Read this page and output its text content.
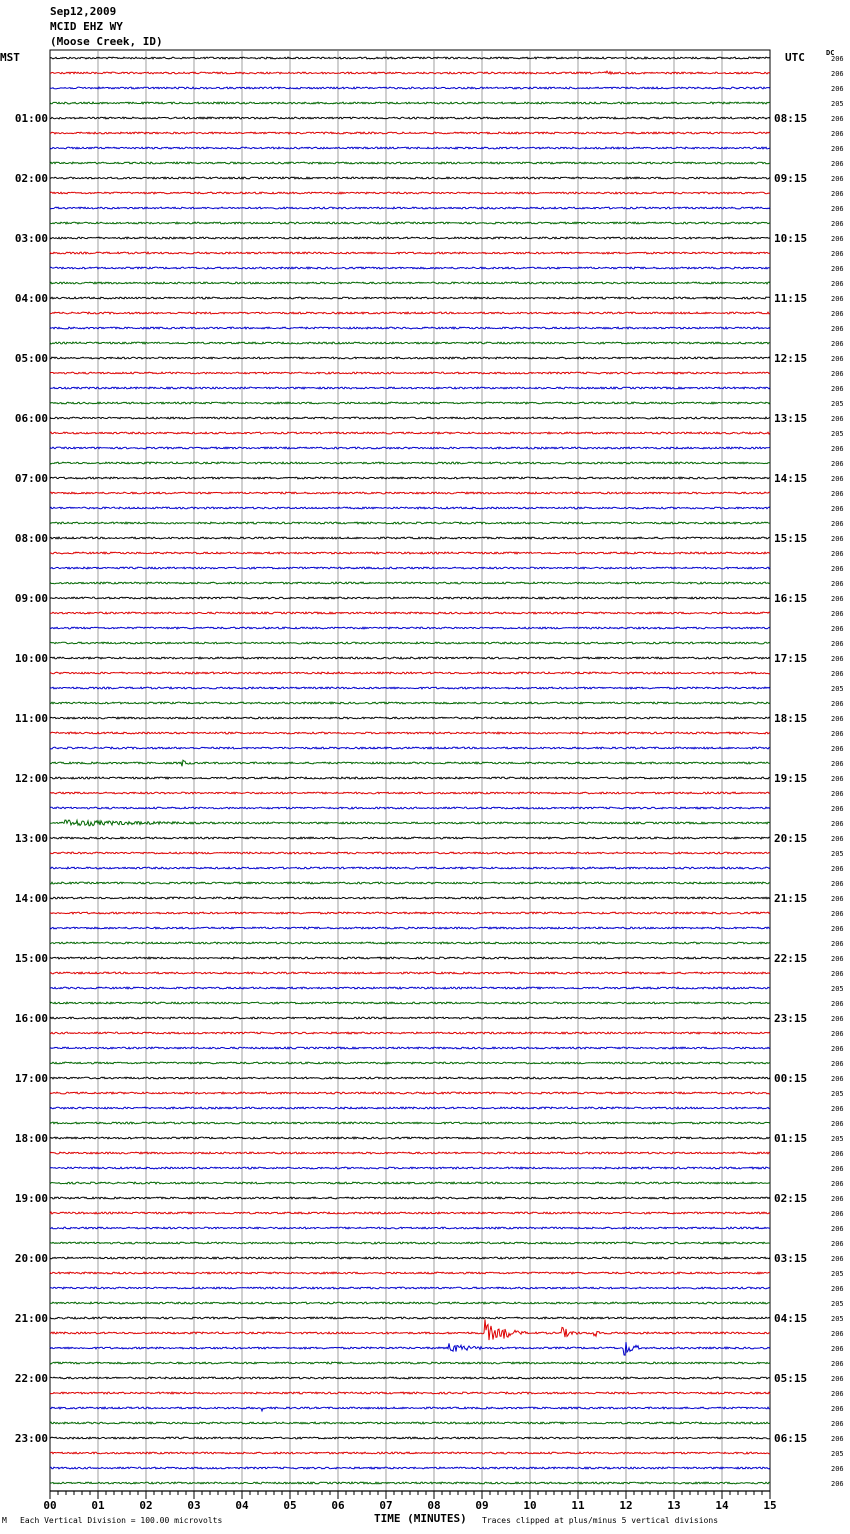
Sep12,2009
MCID EHZ WY
(Moose Creek, ID)
MST	UTC	DC
00	01	02	03	04	05	06	07	08	09	10	11	12	13	14	15
206
206
206
205
206
206
206
206
206
206
206
206
206
206
206
206
206
206
206
206
206
206
206
205
206
205
206
206
206
206
206
206
206
206
206
206
206
206
206
206
206
206
205
206
206
206
206
206
206
206
206
206
206
205
206
206
206
206
206
206
206
206
205
206
206
206
206
206
206
205
206
206
205
206
206
206
206
206
206
206
206
205
206
205
205
206
206
206
206
206
206
206
206
205
206
206
01:00
02:00
03:00
04:00
05:00
06:00
07:00
08:00
09:00
10:00
11:00
12:00
13:00
14:00
15:00
16:00
17:00
18:00
19:00
20:00
21:00
22:00
23:00
08:15
09:15
10:15
11:15
12:15
13:15
14:15
15:15
16:15
17:15
18:15
19:15
20:15
21:15
22:15
23:15
00:15
01:15
02:15
03:15
04:15
05:15
06:15
M Each Vertical Division = 100.00 microvolts	TIME (MINUTES) Traces clipped at plus/minus 5 vertical divisions
